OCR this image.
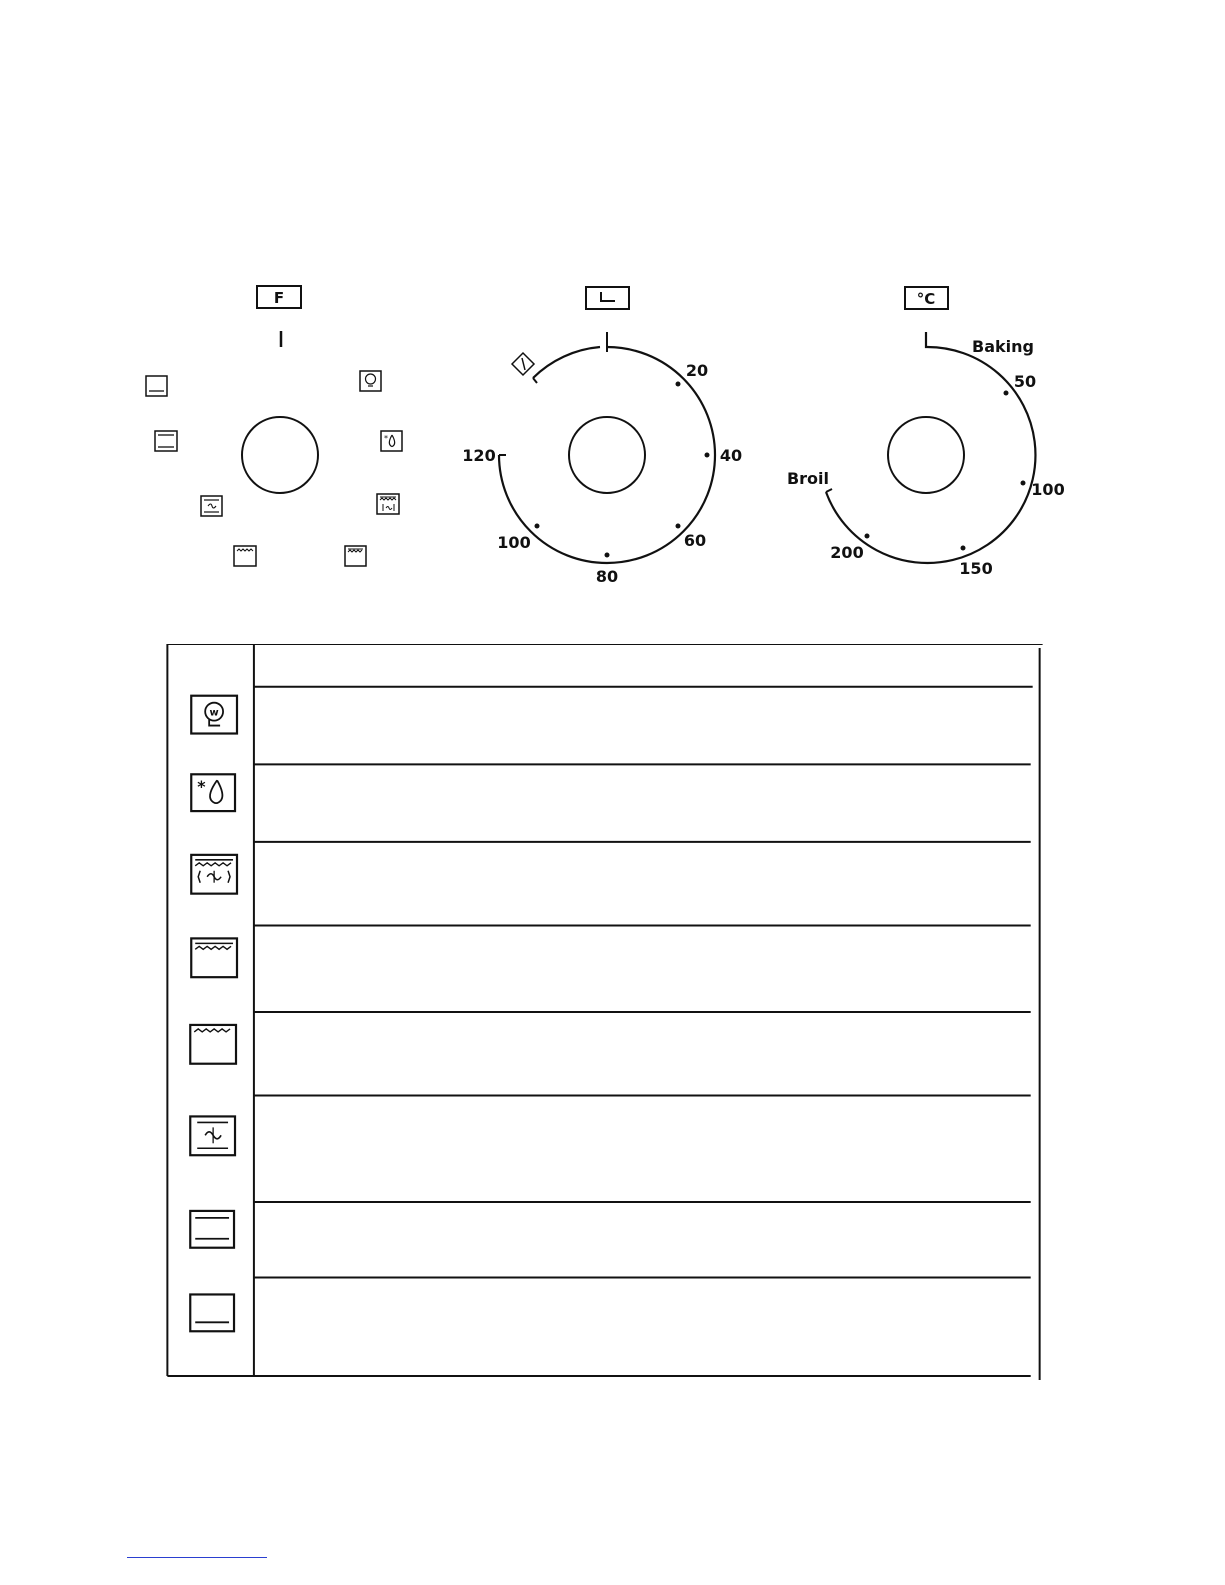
*
F
20
40
60
80
100
120
°C
Baking
50
100
150
200
Broil
w
*
